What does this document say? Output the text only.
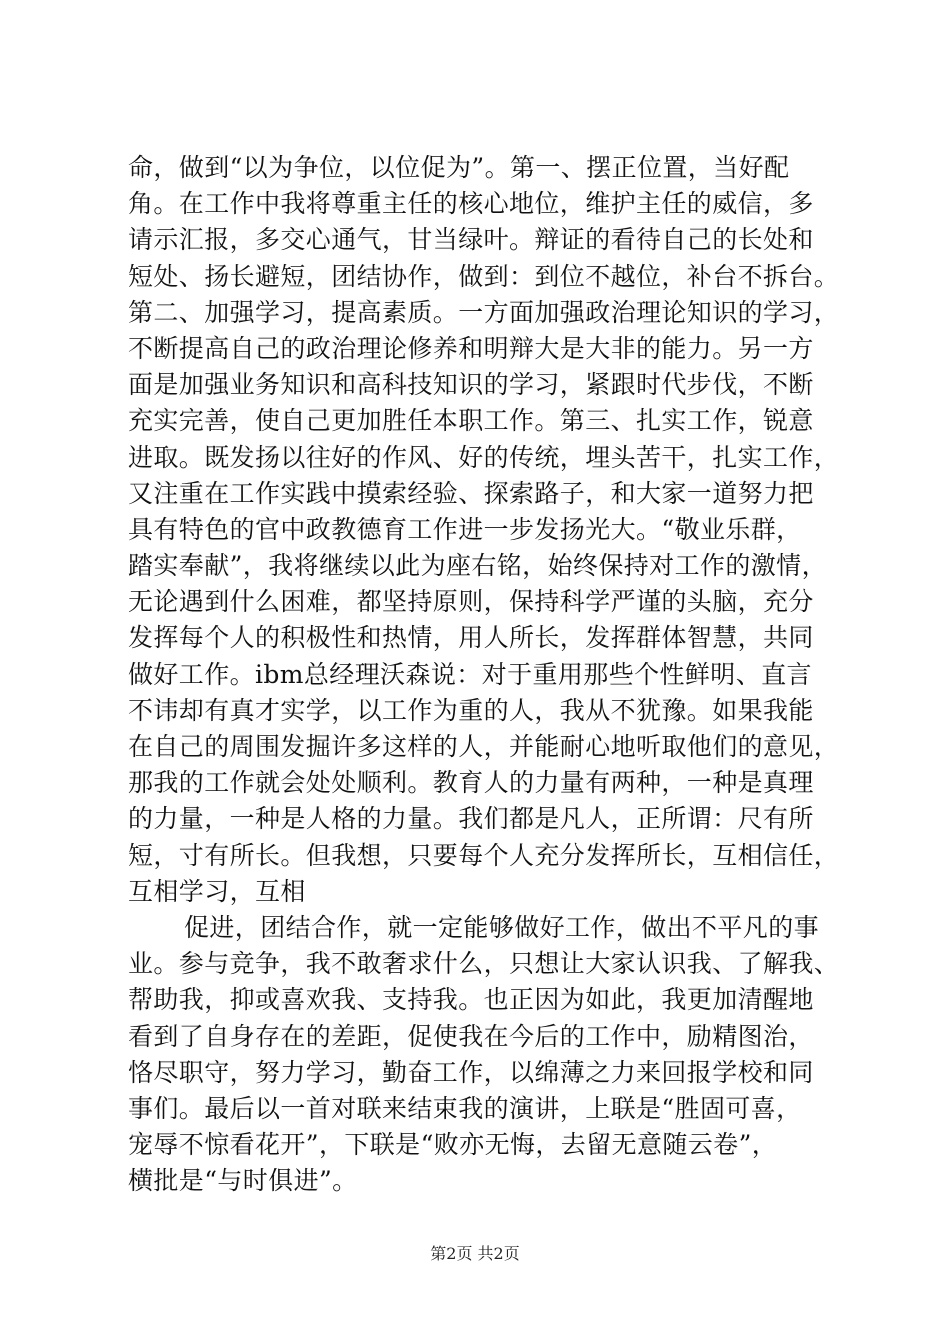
命，做到“以为争位，以位促为”。第一、摆正位置，当好配
角。在工作中我将尊重主任的核心地位，维护主任的威信，多
请示汇报，多交心通气，甘当绿叶。辩证的看待自己的长处和
短处、扬长避短，团结协作，做到：到位不越位，补台不拆台。
第二、加强学习，提高素质。一方面加强政治理论知识的学习，
不断提高自己的政治理论修养和明辩大是大非的能力。另一方
面是加强业务知识和高科技知识的学习，紧跟时代步伐，不断
充实完善，使自己更加胜任本职工作。第三、扎实工作，锐意
进取。既发扬以往好的作风、好的传统，埋头苦干，扎实工作，
又注重在工作实践中摸索经验、探索路子，和大家一道努力把
具有特色的官中政教德育工作进一步发扬光大。“敬业乐群，
踏实奉献”，我将继续以此为座右铭，始终保持对工作的激情，
无论遇到什么困难，都坚持原则，保持科学严谨的头脑，充分
发挥每个人的积极性和热情，用人所长，发挥群体智慧，共同
做好工作。ibm总经理沃森说：对于重用那些个性鲜明、直言
不讳却有真才实学，以工作为重的人，我从不犹豫。如果我能
在自己的周围发掘许多这样的人，并能耐心地听取他们的意见，
那我的工作就会处处顺利。教育人的力量有两种，一种是真理
的力量，一种是人格的力量。我们都是凡人，正所谓：尺有所
短，寸有所长。但我想，只要每个人充分发挥所长，互相信任，
互相学习，互相
促进，团结合作，就一定能够做好工作，做出不平凡的事
业。参与竞争，我不敢奢求什么，只想让大家认识我、了解我、
帮助我，抑或喜欢我、支持我。也正因为如此，我更加清醒地
看到了自身存在的差距，促使我在今后的工作中，励精图治，
恪尽职守，努力学习，勤奋工作，以绵薄之力来回报学校和同
事们。最后以一首对联来结束我的演讲，上联是“胜固可喜，
宠辱不惊看花开”，下联是“败亦无悔，去留无意随云卷”，
横批是“与时俱进”。
第2页 共2页
